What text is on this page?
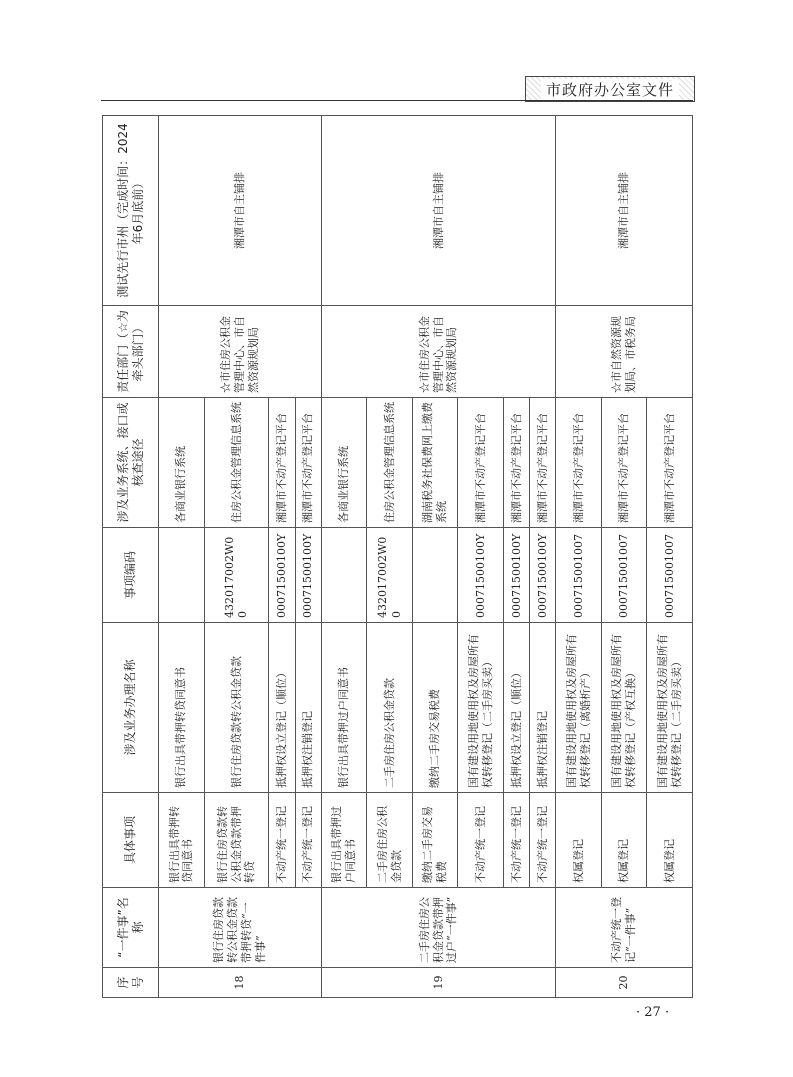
市政府办公室文件
序号	“一件事”名称	具体事项	涉及业务办理名称	事项编码	涉及业务系统、接口或核查途径	责任部门（☆为牵头部门）	测试先行市州（完成时间：2024年6月底前）
18	银行住房贷款转公积金贷款带押转贷“一件事”	银行出具带押转贷同意书	银行出具带押转贷同意书		各商业银行系统	☆市住房公积金管理中心、市自然资源规划局	湘潭市自主铺排
		银行住房贷款转公积金贷款带押转贷	银行住房贷款转公积金贷款	432017002W00	住房公积金管理信息系统		
		不动产统一登记	抵押权设立登记（顺位）	00071500100Y	湘潭市不动产登记平台		
		不动产统一登记	抵押权注销登记	00071500100Y	湘潭市不动产登记平台		
19	二手房住房公积金贷款带押过户“一件事”	银行出具带押过户同意书	银行出具带押过户同意书		各商业银行系统	☆市住房公积金管理中心、市自然资源规划局	湘潭市自主铺排
		二手房住房公积金贷款	二手房住房公积金贷款	432017002W00	住房公积金管理信息系统		
		缴纳二手房交易税费	缴纳二手房交易税费		湖南税务社保费网上缴费系统		
		不动产统一登记	国有建设用地使用权及房屋所有权转移登记（二手房买卖）	00071500100Y	湘潭市不动产登记平台		
		不动产统一登记	抵押权设立登记（顺位）	00071500100Y	湘潭市不动产登记平台		
		不动产统一登记	抵押权注销登记	00071500100Y	湘潭市不动产登记平台		
20	不动产统一登记“一件事”	权属登记	国有建设用地使用权及房屋所有权转移登记（离婚析产）	000715001007	湘潭市不动产登记平台	☆市自然资源规划局、市税务局	湘潭市自主铺排
		权属登记	国有建设用地使用权及房屋所有权转移登记（产权互换）	000715001007	湘潭市不动产登记平台		
		权属登记	国有建设用地使用权及房屋所有权转移登记（二手房买卖）	000715001007	湘潭市不动产登记平台		
· 27 ·
